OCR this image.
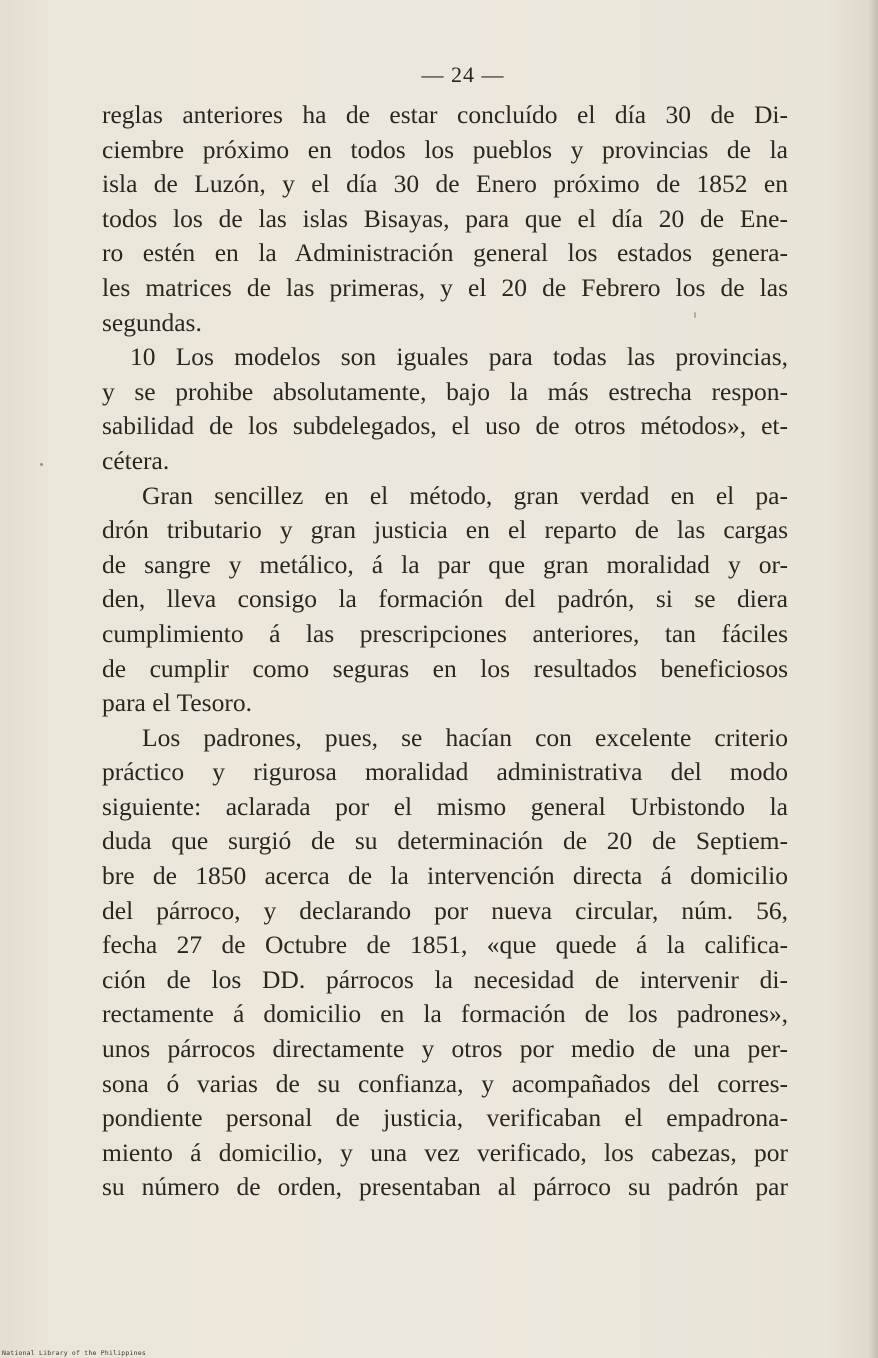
— 24 —
reglas anteriores ha de estar concluído el día 30 de Di-
ciembre próximo en todos los pueblos y provincias de la
isla de Luzón, y el día 30 de Enero próximo de 1852 en
todos los de las islas Bisayas, para que el día 20 de Ene-
ro estén en la Administración general los estados genera-
les matrices de las primeras, y el 20 de Febrero los de las
segundas.
10 Los modelos son iguales para todas las provincias,
y se prohibe absolutamente, bajo la más estrecha respon-
sabilidad de los subdelegados, el uso de otros métodos», et-
cétera.
Gran sencillez en el método, gran verdad en el pa-
drón tributario y gran justicia en el reparto de las cargas
de sangre y metálico, á la par que gran moralidad y or-
den, lleva consigo la formación del padrón, si se diera
cumplimiento á las prescripciones anteriores, tan fáciles
de cumplir como seguras en los resultados beneficiosos
para el Tesoro.
Los padrones, pues, se hacían con excelente criterio
práctico y rigurosa moralidad administrativa del modo
siguiente: aclarada por el mismo general Urbistondo la
duda que surgió de su determinación de 20 de Septiem-
bre de 1850 acerca de la intervención directa á domicilio
del párroco, y declarando por nueva circular, núm. 56,
fecha 27 de Octubre de 1851, «que quede á la califica-
ción de los DD. párrocos la necesidad de intervenir di-
rectamente á domicilio en la formación de los padrones»,
unos párrocos directamente y otros por medio de una per-
sona ó varias de su confianza, y acompañados del corres-
pondiente personal de justicia, verificaban el empadrona-
miento á domicilio, y una vez verificado, los cabezas, por
su número de orden, presentaban al párroco su padrón par
National Library of the Philippines
